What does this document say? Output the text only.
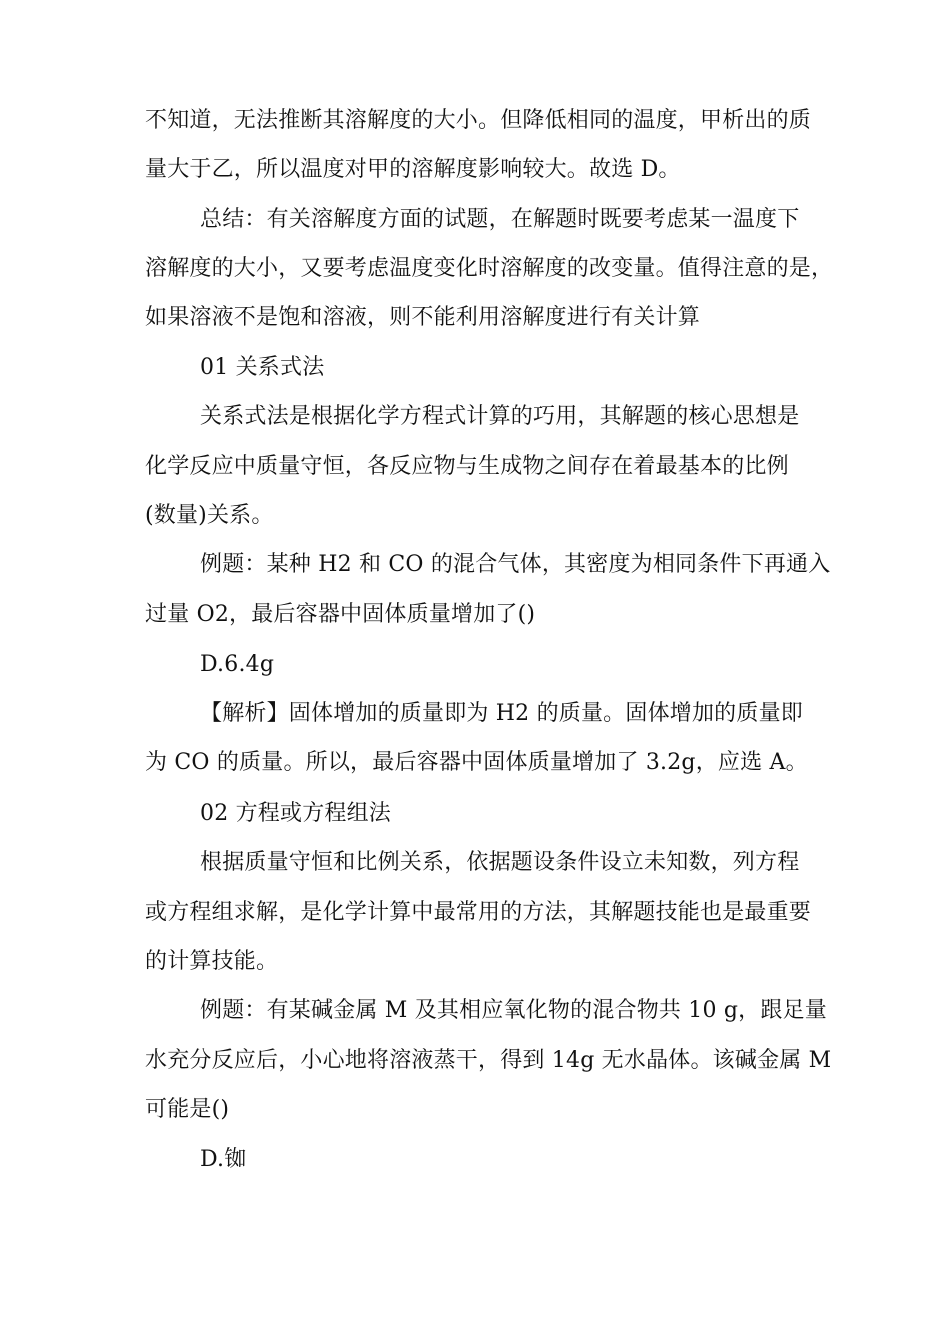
不知道，无法推断其溶解度的大小。但降低相同的温度，甲析出的质
量大于乙，所以温度对甲的溶解度影响较大。故选 D。
总结：有关溶解度方面的试题，在解题时既要考虑某一温度下
溶解度的大小，又要考虑温度变化时溶解度的改变量。值得注意的是，
如果溶液不是饱和溶液，则不能利用溶解度进行有关计算
01 关系式法
关系式法是根据化学方程式计算的巧用，其解题的核心思想是
化学反应中质量守恒，各反应物与生成物之间存在着最基本的比例
(数量)关系。
例题：某种 H2 和 CO 的混合气体，其密度为相同条件下再通入
过量 O2，最后容器中固体质量增加了()
D.6.4g
【解析】固体增加的质量即为 H2 的质量。固体增加的质量即
为 CO 的质量。所以，最后容器中固体质量增加了 3.2g，应选 A。
02 方程或方程组法
根据质量守恒和比例关系，依据题设条件设立未知数，列方程
或方程组求解，是化学计算中最常用的方法，其解题技能也是最重要
的计算技能。
例题：有某碱金属 M 及其相应氧化物的混合物共 10 g，跟足量
水充分反应后，小心地将溶液蒸干，得到 14g 无水晶体。该碱金属 M
可能是()
D.铷
